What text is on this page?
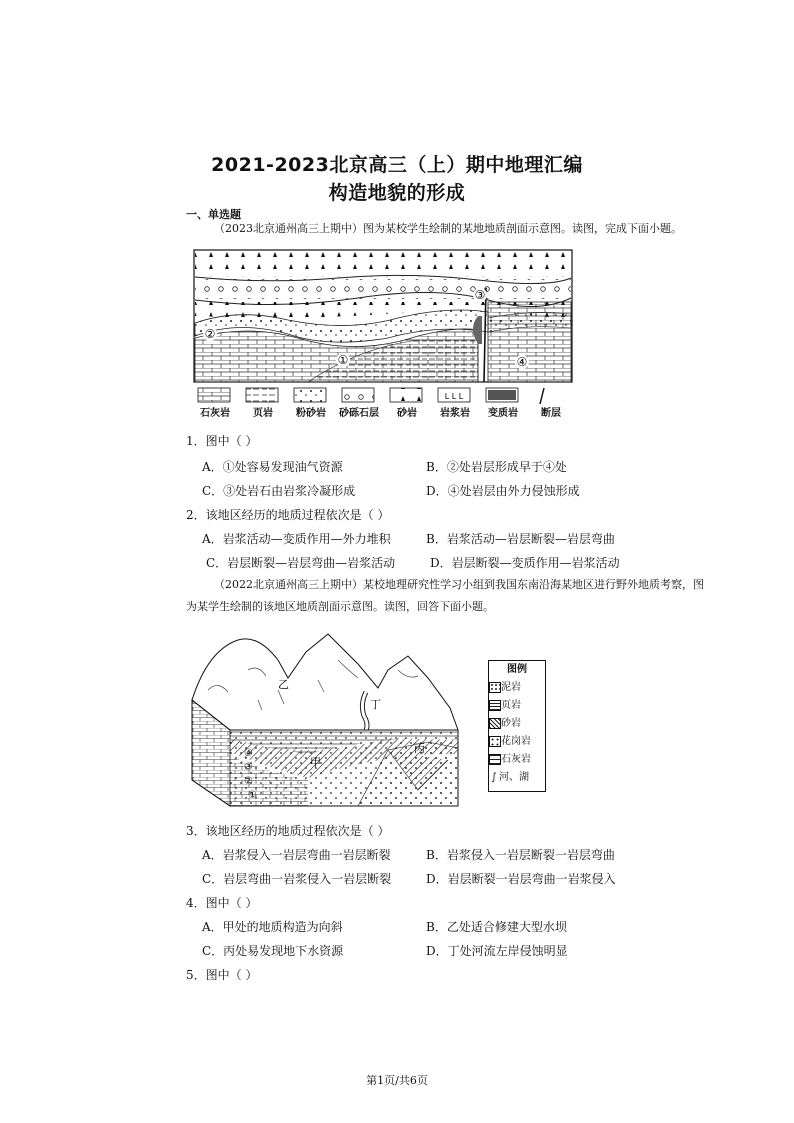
2021-2023北京高三（上）期中地理汇编
构造地貌的形成
一、单选题
（2023北京通州高三上期中）图为某校学生绘制的某地地质剖面示意图。读图，完成下面小题。
①
②
③
④
L L L
石灰岩	页岩	粉砂岩	砂砾石层	砂岩	岩浆岩	变质岩	断层
1．图中（ ）
A．①处容易发现油气资源	B．②处岩层形成早于④处
C．③处岩石由岩浆冷凝形成	D．④处岩层由外力侵蚀形成
2．该地区经历的地质过程依次是（ ）
A．岩浆活动—变质作用—外力堆积	B．岩浆活动—岩层断裂—岩层弯曲
C．岩层断裂—岩层弯曲—岩浆活动	D．岩层断裂—变质作用—岩浆活动
（2022北京通州高三上期中）某校地理研究性学习小组到我国东南沿海某地区进行野外地质考察，图
为某学生绘制的该地区地质剖面示意图。读图，回答下面小题。
甲
乙
丙
丁
④
③
②
①
图例
泥岩
页岩
砂岩
花岗岩
石灰岩
∫ 河、湖
3．该地区经历的地质过程依次是（ ）
A．岩浆侵入一岩层弯曲一岩层断裂	B．岩浆侵入一岩层断裂一岩层弯曲
C．岩层弯曲一岩浆侵入一岩层断裂	D．岩层断裂一岩层弯曲一岩浆侵入
4．图中（ ）
A．甲处的地质构造为向斜	B．乙处适合修建大型水坝
C．丙处易发现地下水资源	D．丁处河流左岸侵蚀明显
5．图中（ ）
第1页/共6页
